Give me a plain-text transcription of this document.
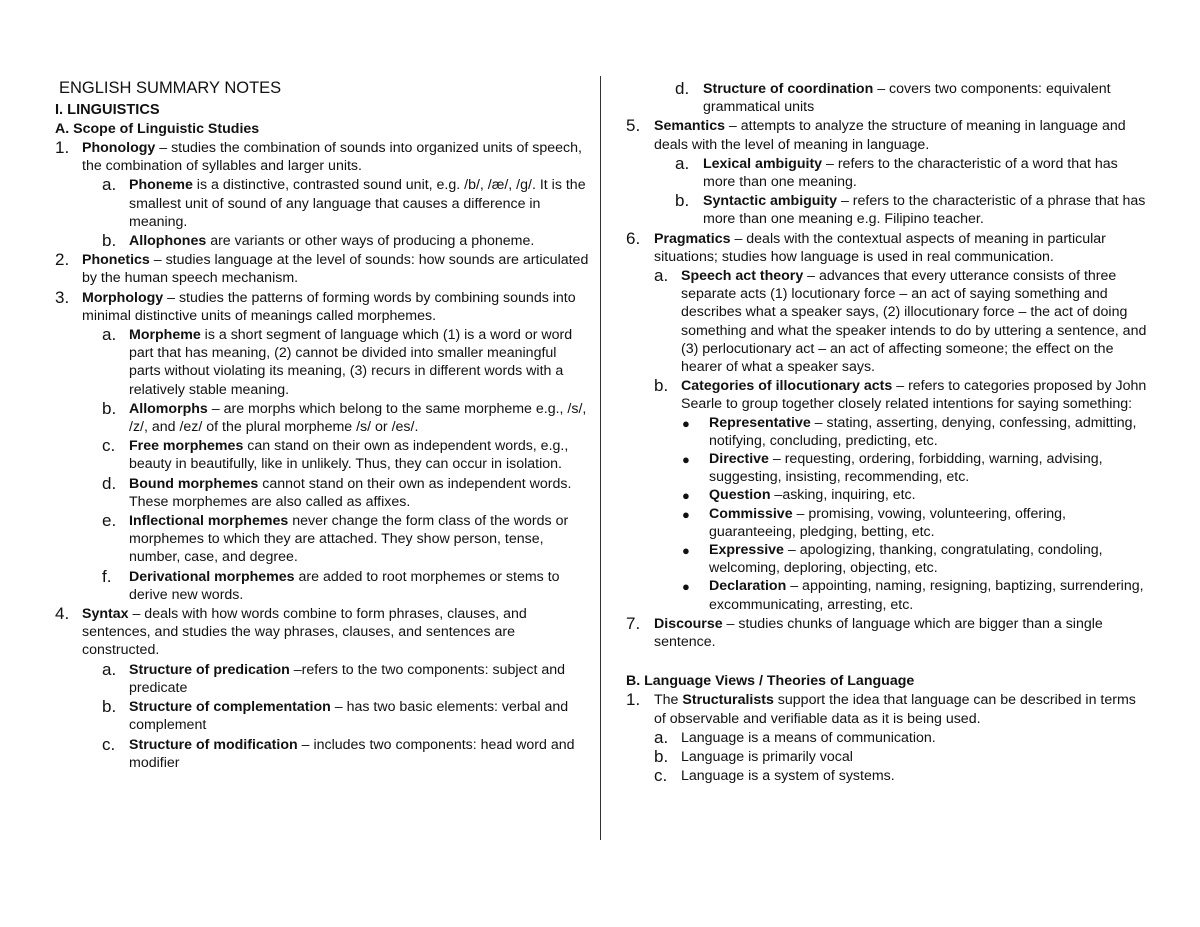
ENGLISH SUMMARY NOTES
I. LINGUISTICS
A. Scope of Linguistic Studies
1. Phonology – studies the combination of sounds into organized units of speech, the combination of syllables and larger units.
a. Phoneme is a distinctive, contrasted sound unit, e.g. /b/, /æ/, /g/. It is the smallest unit of sound of any language that causes a difference in meaning.
b. Allophones are variants or other ways of producing a phoneme.
2. Phonetics – studies language at the level of sounds: how sounds are articulated by the human speech mechanism.
3. Morphology – studies the patterns of forming words by combining sounds into minimal distinctive units of meanings called morphemes.
a. Morpheme is a short segment of language which (1) is a word or word part that has meaning, (2) cannot be divided into smaller meaningful parts without violating its meaning, (3) recurs in different words with a relatively stable meaning.
b. Allomorphs – are morphs which belong to the same morpheme e.g., /s/, /z/, and /ez/ of the plural morpheme /s/ or /es/.
c. Free morphemes can stand on their own as independent words, e.g., beauty in beautifully, like in unlikely. Thus, they can occur in isolation.
d. Bound morphemes cannot stand on their own as independent words. These morphemes are also called as affixes.
e. Inflectional morphemes never change the form class of the words or morphemes to which they are attached. They show person, tense, number, case, and degree.
f. Derivational morphemes are added to root morphemes or stems to derive new words.
4. Syntax – deals with how words combine to form phrases, clauses, and sentences, and studies the way phrases, clauses, and sentences are constructed.
a. Structure of predication –refers to the two components: subject and predicate
b. Structure of complementation – has two basic elements: verbal and complement
c. Structure of modification – includes two components: head word and modifier
d. Structure of coordination – covers two components: equivalent grammatical units
5. Semantics – attempts to analyze the structure of meaning in language and deals with the level of meaning in language.
a. Lexical ambiguity – refers to the characteristic of a word that has more than one meaning.
b. Syntactic ambiguity – refers to the characteristic of a phrase that has more than one meaning e.g. Filipino teacher.
6. Pragmatics – deals with the contextual aspects of meaning in particular situations; studies how language is used in real communication.
a. Speech act theory – advances that every utterance consists of three separate acts (1) locutionary force – an act of saying something and describes what a speaker says, (2) illocutionary force – the act of doing something and what the speaker intends to do by uttering a sentence, and (3) perlocutionary act – an act of affecting someone; the effect on the hearer of what a speaker says.
b. Categories of illocutionary acts – refers to categories proposed by John Searle to group together closely related intentions for saying something:
● Representative – stating, asserting, denying, confessing, admitting, notifying, concluding, predicting, etc.
● Directive – requesting, ordering, forbidding, warning, advising, suggesting, insisting, recommending, etc.
● Question –asking, inquiring, etc.
● Commissive – promising, vowing, volunteering, offering, guaranteeing, pledging, betting, etc.
● Expressive – apologizing, thanking, congratulating, condoling, welcoming, deploring, objecting, etc.
● Declaration – appointing, naming, resigning, baptizing, surrendering, excommunicating, arresting, etc.
7. Discourse – studies chunks of language which are bigger than a single sentence.
B. Language Views / Theories of Language
1. The Structuralists support the idea that language can be described in terms of observable and verifiable data as it is being used.
a. Language is a means of communication.
b. Language is primarily vocal
c. Language is a system of systems.
